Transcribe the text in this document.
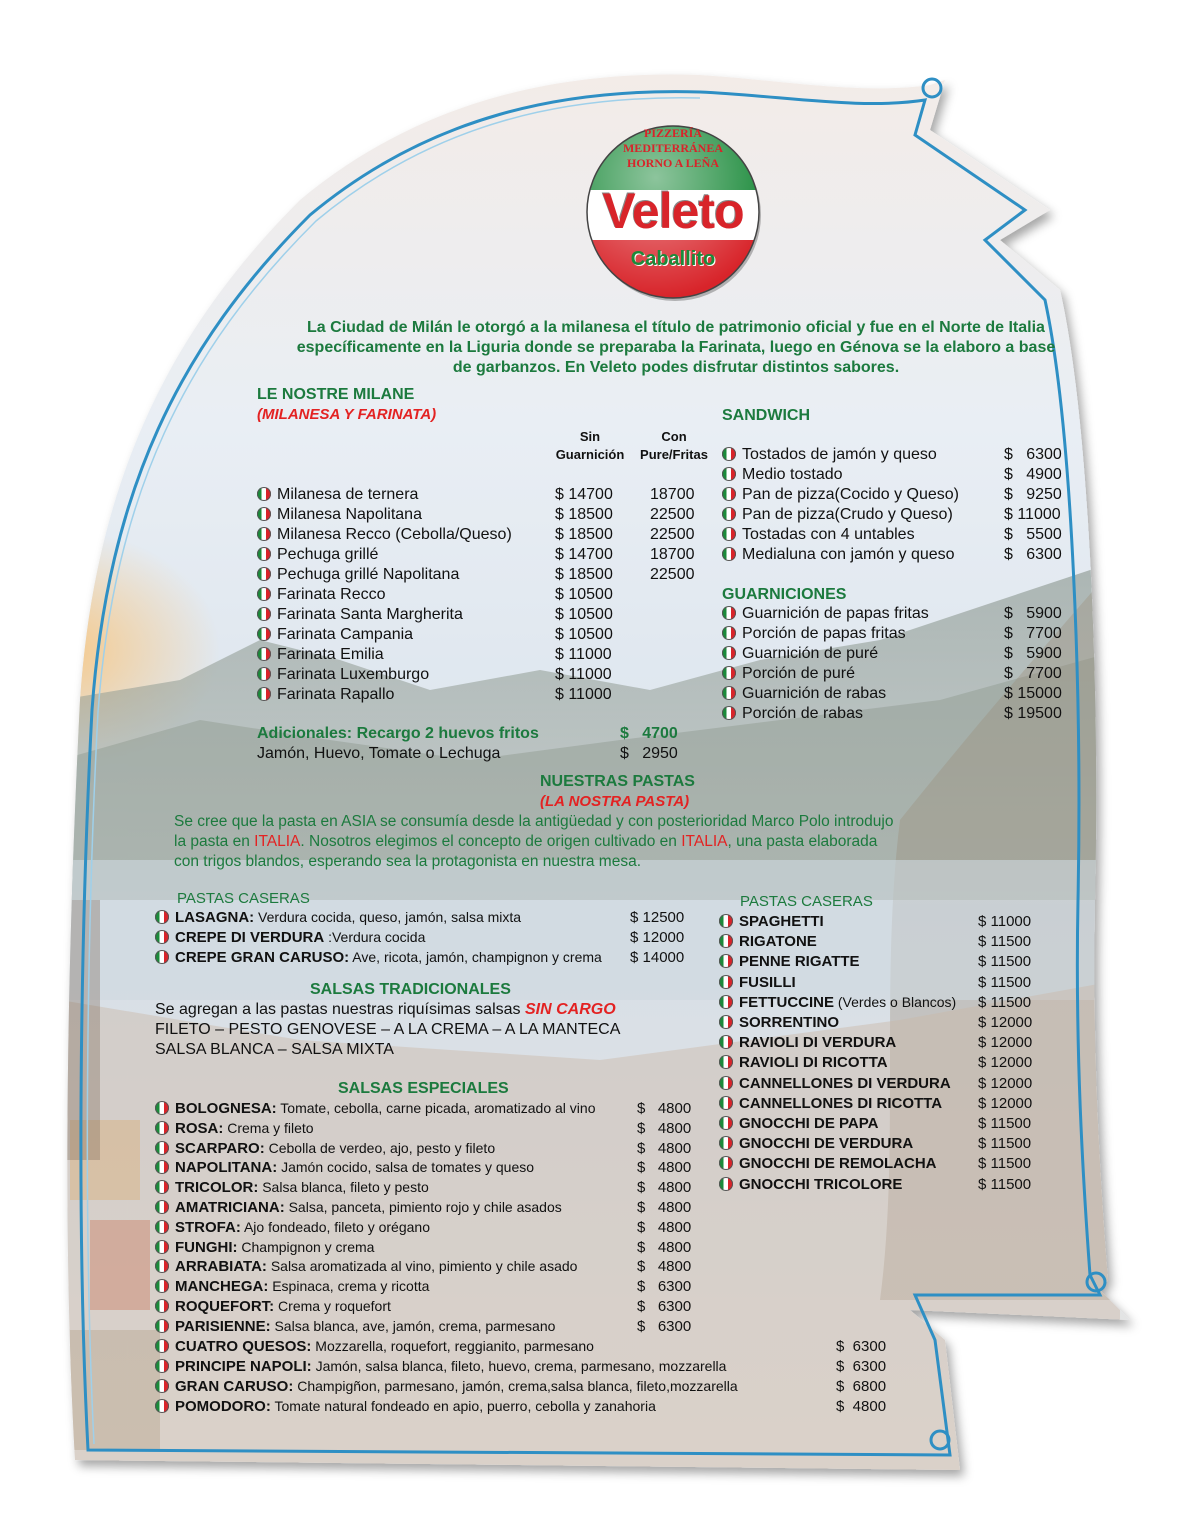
PIZZERÍA
MEDITERRÁNEA
HORNO A LEÑA
Veleto
Caballito
La Ciudad de Milán le otorgó a la milanesa el título de patrimonio oficial y fue en el Norte de Italia específicamente en la Liguria donde se preparaba la Farinata, luego en Génova se la elaboro a base de garbanzos. En Veleto podes disfrutar distintos sabores.
LE NOSTRE MILANE
(MILANESA Y FARINATA)
Sin
Guarnición
Con
Pure/Fritas
Milanesa de ternera	$ 14700 18700
Milanesa Napolitana	$ 18500 22500
Milanesa Recco (Cebolla/Queso)	$ 18500 22500
Pechuga grillé	$ 14700 18700
Pechuga grillé Napolitana	$ 18500 22500
Farinata Recco	$ 10500
Farinata Santa Margherita	$ 10500
Farinata Campania	$ 10500
Farinata Emilia	$ 11000
Farinata Luxemburgo	$ 11000
Farinata Rapallo	$ 11000
Adicionales: Recargo 2 huevos fritos	$   4700
Jamón, Huevo, Tomate o Lechuga	$   2950
SANDWICH
Tostados de jamón y queso	$   6300
Medio tostado	$   4900
Pan de pizza(Cocido y Queso)	$   9250
Pan de pizza(Crudo y Queso)	$ 11000
Tostadas con 4 untables	$   5500
Medialuna con jamón y queso	$   6300
GUARNICIONES
Guarnición de papas fritas	$   5900
Porción de papas fritas	$   7700
Guarnición de puré	$   5900
Porción de puré	$   7700
Guarnición de rabas	$ 15000
Porción de rabas	$ 19500
NUESTRAS PASTAS
(LA NOSTRA PASTA)
Se cree que la pasta en ASIA se consumía desde la antigüedad y con posterioridad Marco Polo introdujo
la pasta en ITALIA. Nosotros elegimos el concepto de origen cultivado en ITALIA, una pasta elaborada
con trigos blandos, esperando sea la protagonista en nuestra mesa.
PASTAS CASERAS
LASAGNA: Verdura cocida, queso, jamón, salsa mixta	$ 12500
CREPE DI VERDURA :Verdura cocida	$ 12000
CREPE GRAN CARUSO: Ave, ricota, jamón, champignon y crema $ 14000
SALSAS TRADICIONALES
Se agregan a las pastas nuestras riquísimas salsas SIN CARGO
FILETO – PESTO GENOVESE – A LA CREMA – A LA MANTECA
SALSA BLANCA – SALSA MIXTA
SALSAS ESPECIALES
BOLOGNESA: Tomate, cebolla, carne picada, aromatizado al vino	$   4800
ROSA: Crema y fileto	$   4800
SCARPARO: Cebolla de verdeo, ajo, pesto y fileto	$   4800
NAPOLITANA: Jamón cocido, salsa de tomates y queso	$   4800
TRICOLOR: Salsa blanca, fileto y pesto	$   4800
AMATRICIANA: Salsa, panceta, pimiento rojo y chile asados	$   4800
STROFA: Ajo fondeado, fileto y orégano	$   4800
FUNGHI: Champignon y crema	$   4800
ARRABIATA: Salsa aromatizada al vino, pimiento y chile asado	$   4800
MANCHEGA: Espinaca, crema y ricotta	$   6300
ROQUEFORT: Crema y roquefort	$   6300
PARISIENNE: Salsa blanca, ave, jamón, crema, parmesano	$   6300
CUATRO QUESOS: Mozzarella, roquefort, reggianito, parmesano	$  6300
PRINCIPE NAPOLI: Jamón, salsa blanca, fileto, huevo, crema, parmesano, mozzarella	$  6300
GRAN CARUSO: Champigñon, parmesano, jamón, crema,salsa blanca, fileto,mozzarella	$  6800
POMODORO: Tomate natural fondeado en apio, puerro, cebolla y zanahoria	$  4800
PASTAS CASERAS
SPAGHETTI	$ 11000
RIGATONE	$ 11500
PENNE RIGATTE	$ 11500
FUSILLI	$ 11500
FETTUCCINE (Verdes o Blancos) $ 11500
SORRENTINO	$ 12000
RAVIOLI DI VERDURA	$ 12000
RAVIOLI DI RICOTTA	$ 12000
CANNELLONES DI VERDURA $ 12000
CANNELLONES DI RICOTTA $ 12000
GNOCCHI DE PAPA	$ 11500
GNOCCHI DE VERDURA	$ 11500
GNOCCHI DE REMOLACHA	$ 11500
GNOCCHI TRICOLORE	$ 11500
